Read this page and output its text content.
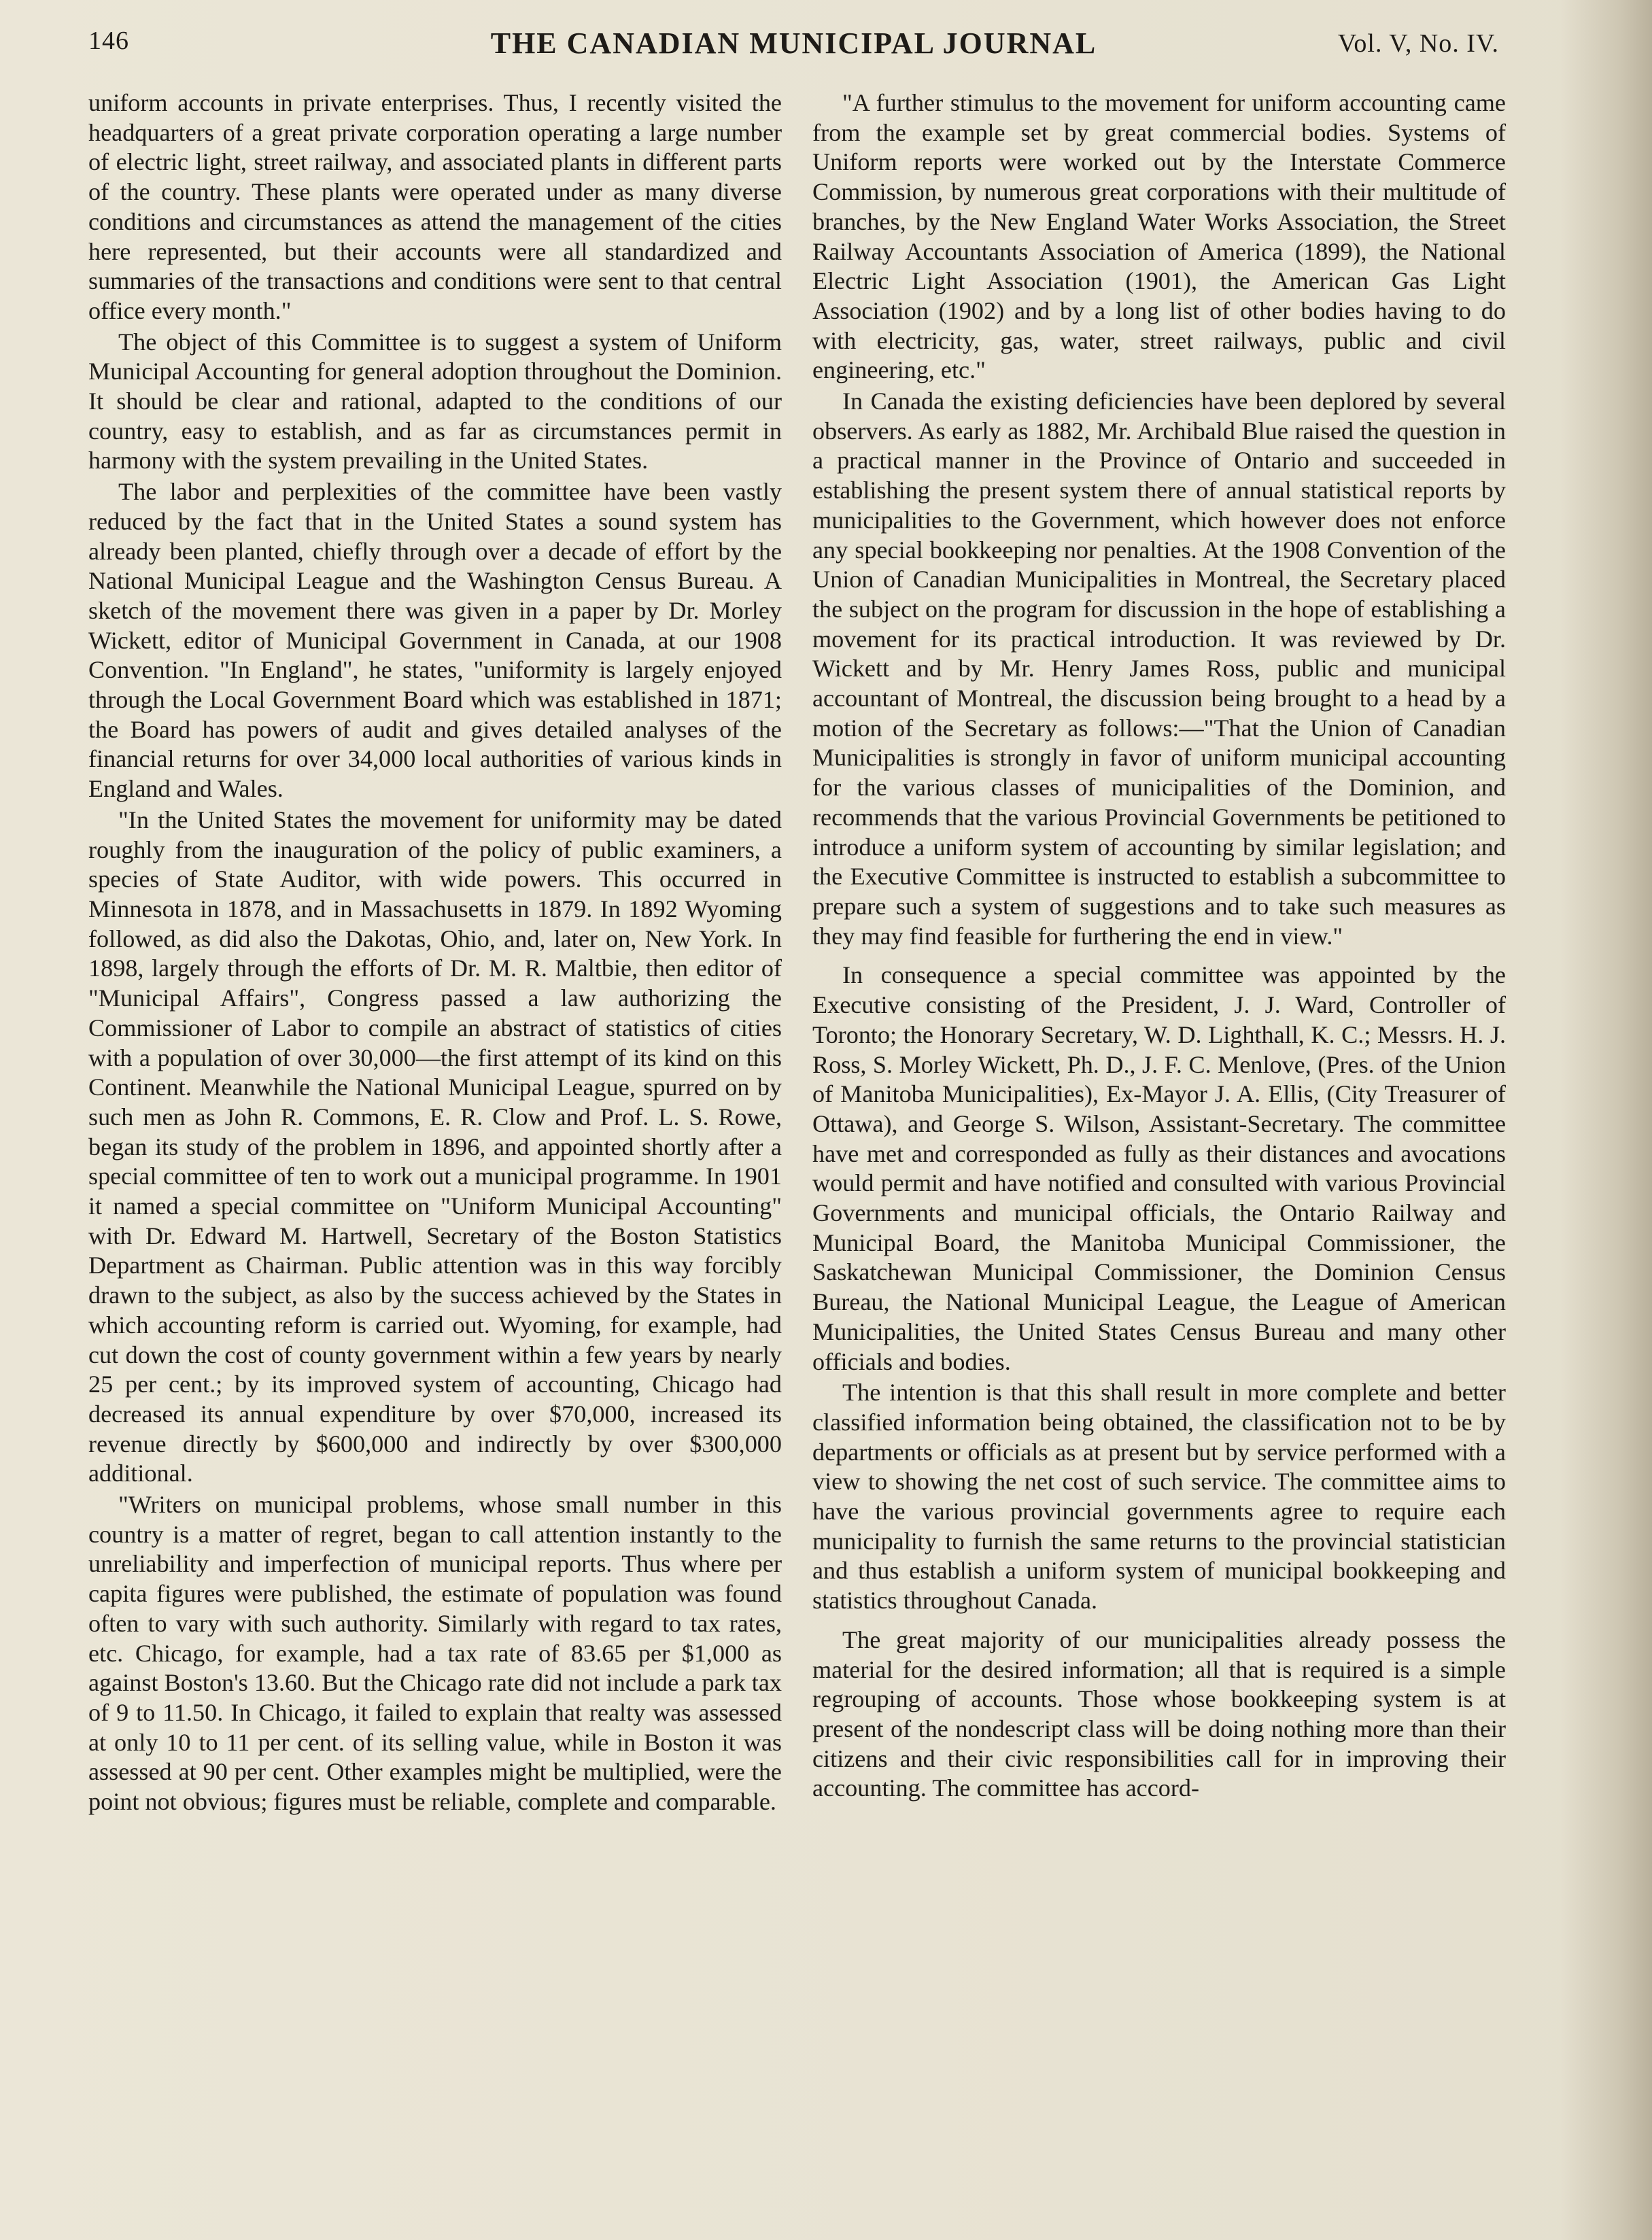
146	THE CANADIAN MUNICIPAL JOURNAL	Vol. V, No. IV.

uniform accounts in private enterprises. Thus, I recently visited the headquarters of a great private corporation operating a large number of electric light, street railway, and associated plants in different parts of the country. These plants were operated under as many diverse conditions and circumstances as attend the management of the cities here represented, but their accounts were all standardized and summaries of the transactions and conditions were sent to that central office every month."

The object of this Committee is to suggest a system of Uniform Municipal Accounting for general adoption throughout the Dominion. It should be clear and rational, adapted to the conditions of our country, easy to establish, and as far as circumstances permit in harmony with the system prevailing in the United States.

The labor and perplexities of the committee have been vastly reduced by the fact that in the United States a sound system has already been planted, chiefly through over a decade of effort by the National Municipal League and the Washington Census Bureau. A sketch of the movement there was given in a paper by Dr. Morley Wickett, editor of Municipal Government in Canada, at our 1908 Convention. "In England", he states, "uniformity is largely enjoyed through the Local Government Board which was established in 1871; the Board has powers of audit and gives detailed analyses of the financial returns for over 34,000 local authorities of various kinds in England and Wales.

"In the United States the movement for uniformity may be dated roughly from the inauguration of the policy of public examiners, a species of State Auditor, with wide powers. This occurred in Minnesota in 1878, and in Massachusetts in 1879. In 1892 Wyoming followed, as did also the Dakotas, Ohio, and, later on, New York. In 1898, largely through the efforts of Dr. M. R. Maltbie, then editor of "Municipal Affairs", Congress passed a law authorizing the Commissioner of Labor to compile an abstract of statistics of cities with a population of over 30,000—the first attempt of its kind on this Continent. Meanwhile the National Municipal League, spurred on by such men as John R. Commons, E. R. Clow and Prof. L. S. Rowe, began its study of the problem in 1896, and appointed shortly after a special committee of ten to work out a municipal programme. In 1901 it named a special committee on "Uniform Municipal Accounting" with Dr. Edward M. Hartwell, Secretary of the Boston Statistics Department as Chairman. Public attention was in this way forcibly drawn to the subject, as also by the success achieved by the States in which accounting reform is carried out. Wyoming, for example, had cut down the cost of county government within a few years by nearly 25 per cent.; by its improved system of accounting, Chicago had decreased its annual expenditure by over $70,000, increased its revenue directly by $600,000 and indirectly by over $300,000 additional.

"Writers on municipal problems, whose small number in this country is a matter of regret, began to call attention instantly to the unreliability and imperfection of municipal reports. Thus where per capita figures were published, the estimate of population was found often to vary with such authority. Similarly with regard to tax rates, etc. Chicago, for example, had a tax rate of 83.65 per $1,000 as against Boston's 13.60. But the Chicago rate did not include a park tax of 9 to 11.50. In Chicago, it failed to explain that realty was assessed at only 10 to 11 per cent. of its selling value, while in Boston it was assessed at 90 per cent. Other examples might be multiplied, were the point not obvious; figures must be reliable, complete and comparable.

"A further stimulus to the movement for uniform accounting came from the example set by great commercial bodies. Systems of Uniform reports were worked out by the Interstate Commerce Commission, by numerous great corporations with their multitude of branches, by the New England Water Works Association, the Street Railway Accountants Association of America (1899), the National Electric Light Association (1901), the American Gas Light Association (1902) and by a long list of other bodies having to do with electricity, gas, water, street railways, public and civil engineering, etc."

In Canada the existing deficiencies have been deplored by several observers. As early as 1882, Mr. Archibald Blue raised the question in a practical manner in the Province of Ontario and succeeded in establishing the present system there of annual statistical reports by municipalities to the Government, which however does not enforce any special bookkeeping nor penalties. At the 1908 Convention of the Union of Canadian Municipalities in Montreal, the Secretary placed the subject on the program for discussion in the hope of establishing a movement for its practical introduction. It was reviewed by Dr. Wickett and by Mr. Henry James Ross, public and municipal accountant of Montreal, the discussion being brought to a head by a motion of the Secretary as follows:—"That the Union of Canadian Municipalities is strongly in favor of uniform municipal accounting for the various classes of municipalities of the Dominion, and recommends that the various Provincial Governments be petitioned to introduce a uniform system of accounting by similar legislation; and the Executive Committee is instructed to establish a subcommittee to prepare such a system of suggestions and to take such measures as they may find feasible for furthering the end in view."

In consequence a special committee was appointed by the Executive consisting of the President, J. J. Ward, Controller of Toronto; the Honorary Secretary, W. D. Lighthall, K. C.; Messrs. H. J. Ross, S. Morley Wickett, Ph. D., J. F. C. Menlove, (Pres. of the Union of Manitoba Municipalities), Ex-Mayor J. A. Ellis, (City Treasurer of Ottawa), and George S. Wilson, Assistant-Secretary. The committee have met and corresponded as fully as their distances and avocations would permit and have notified and consulted with various Provincial Governments and municipal officials, the Ontario Railway and Municipal Board, the Manitoba Municipal Commissioner, the Saskatchewan Municipal Commissioner, the Dominion Census Bureau, the National Municipal League, the League of American Municipalities, the United States Census Bureau and many other officials and bodies.

The intention is that this shall result in more complete and better classified information being obtained, the classification not to be by departments or officials as at present but by service performed with a view to showing the net cost of such service. The committee aims to have the various provincial governments agree to require each municipality to furnish the same returns to the provincial statistician and thus establish a uniform system of municipal bookkeeping and statistics throughout Canada.

The great majority of our municipalities already possess the material for the desired information; all that is required is a simple regrouping of accounts. Those whose bookkeeping system is at present of the nondescript class will be doing nothing more than their citizens and their civic responsibilities call for in improving their accounting. The committee has accord-
